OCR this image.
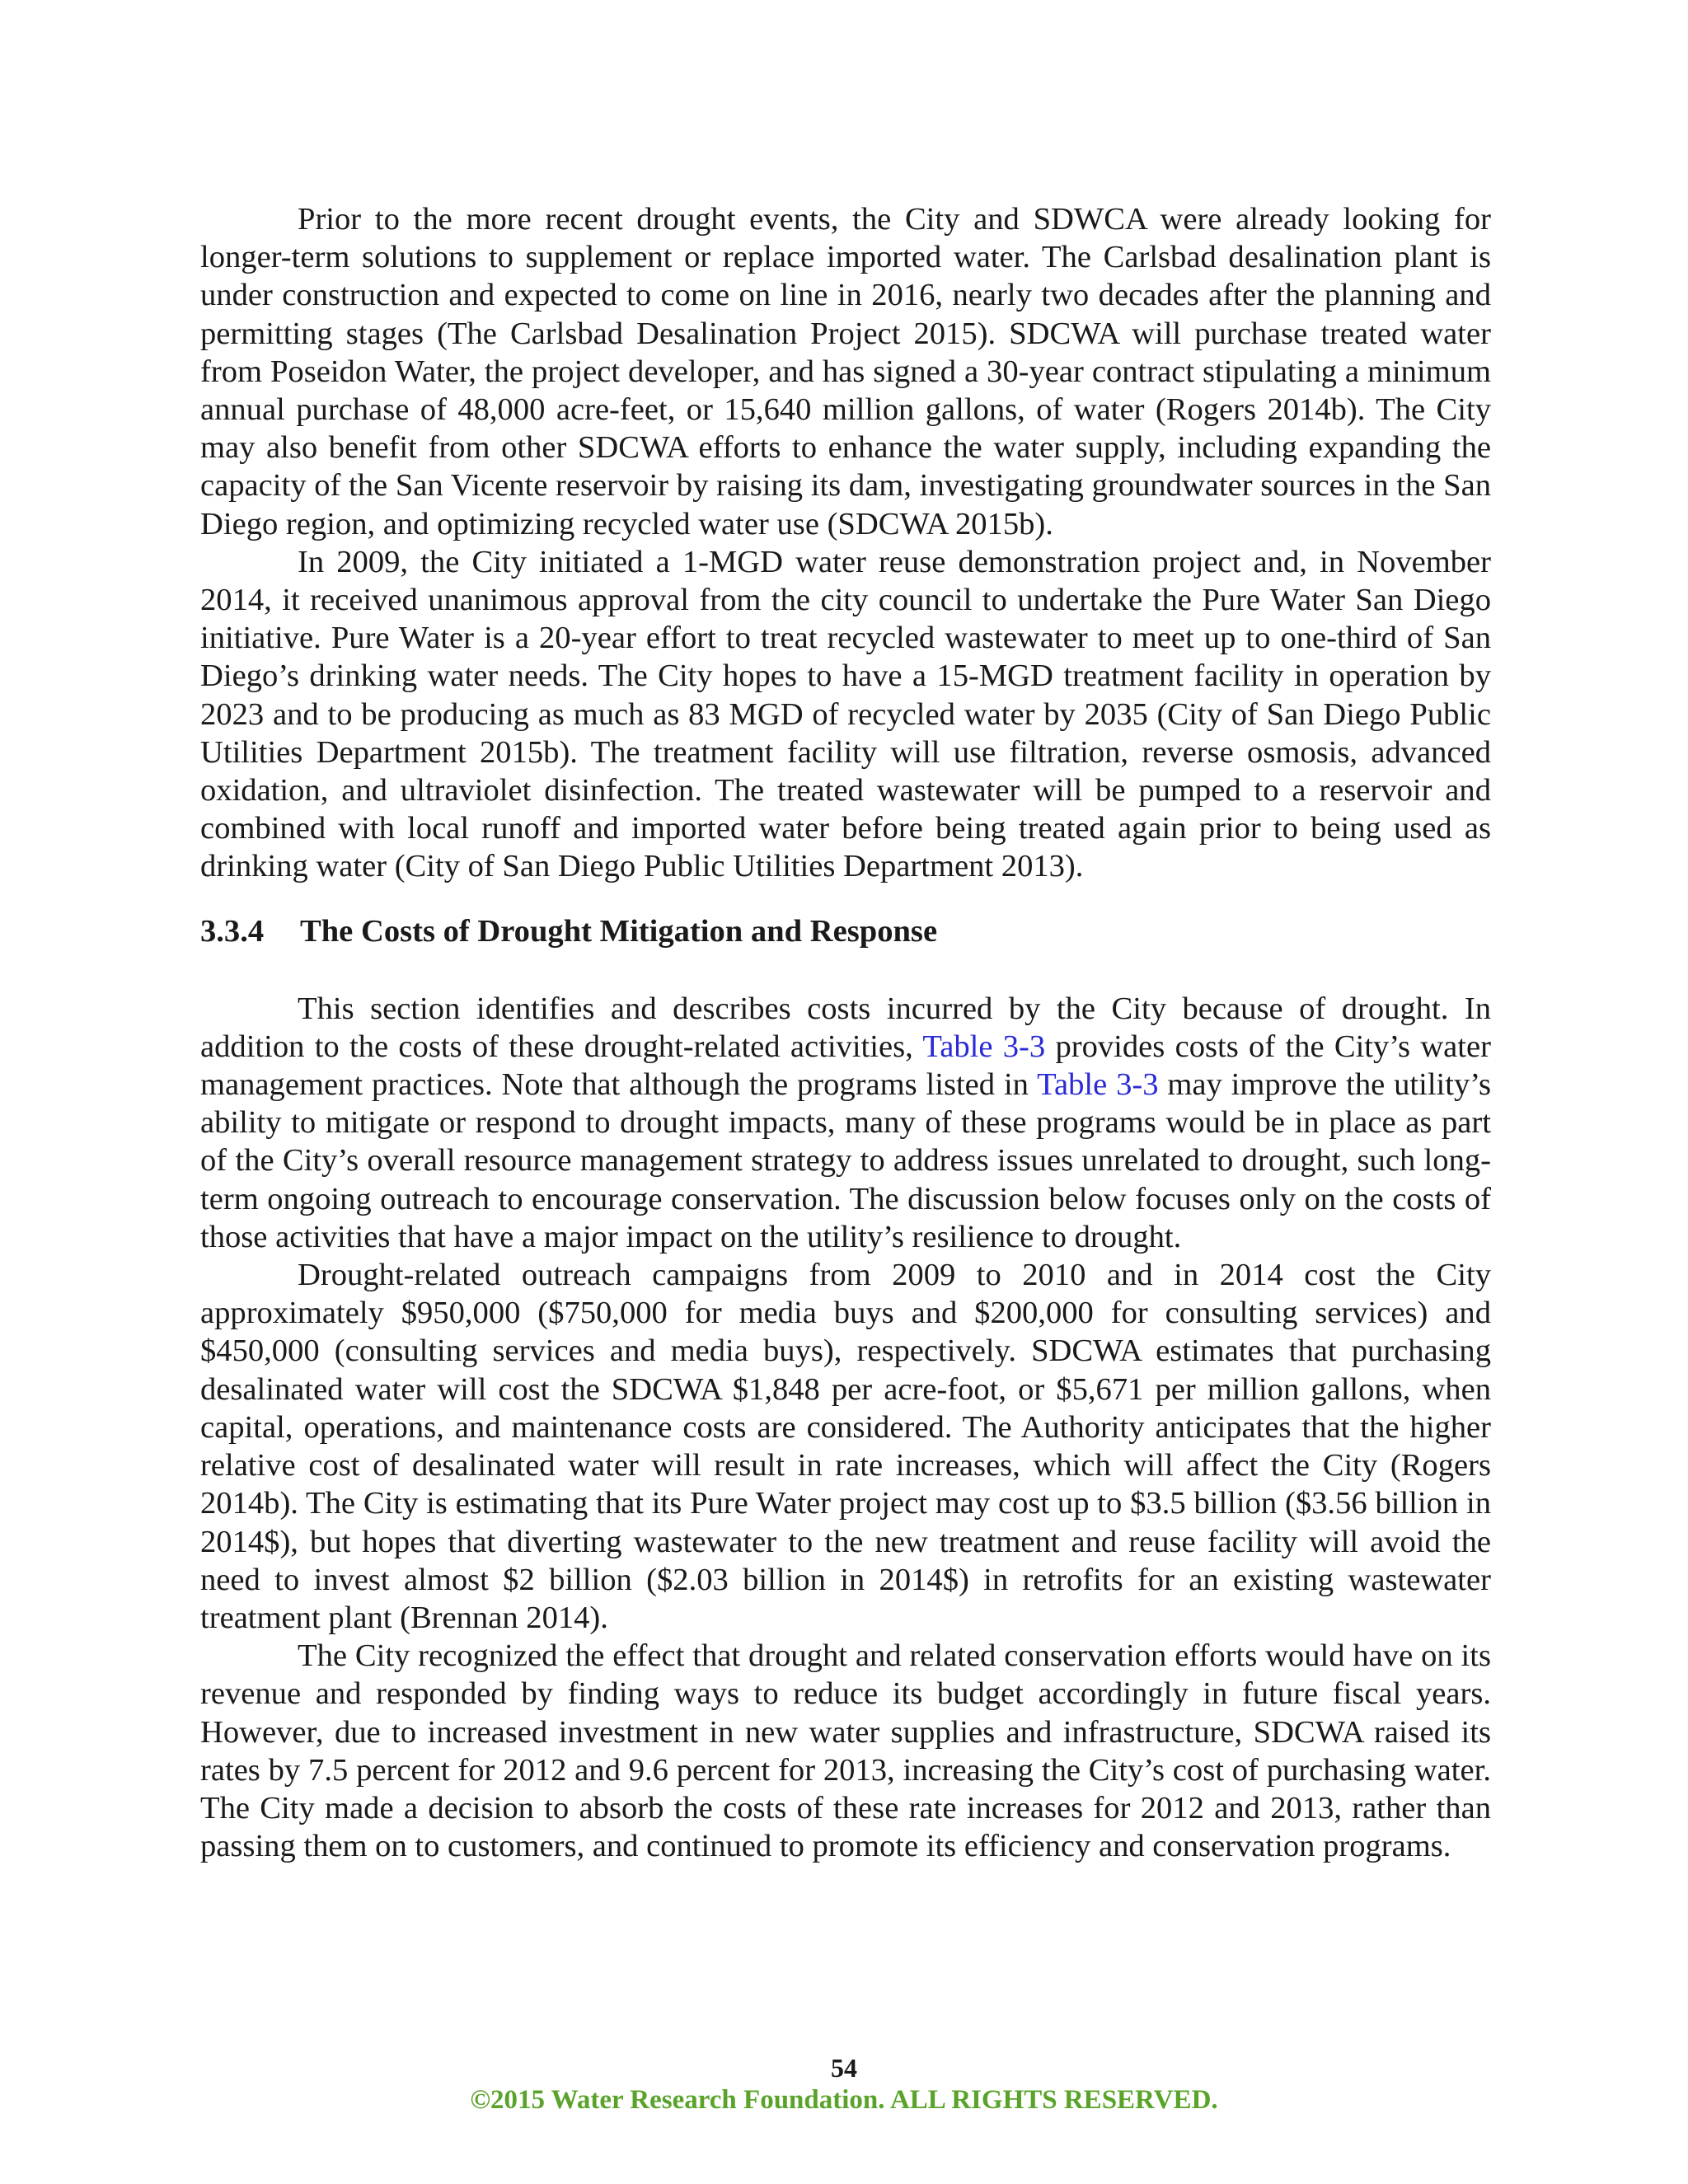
Prior to the more recent drought events, the City and SDWCA were already looking for longer-term solutions to supplement or replace imported water. The Carlsbad desalination plant is under construction and expected to come on line in 2016, nearly two decades after the planning and permitting stages (The Carlsbad Desalination Project 2015). SDCWA will purchase treated water from Poseidon Water, the project developer, and has signed a 30-year contract stipulating a minimum annual purchase of 48,000 acre-feet, or 15,640 million gallons, of water (Rogers 2014b). The City may also benefit from other SDCWA efforts to enhance the water supply, including expanding the capacity of the San Vicente reservoir by raising its dam, investigating groundwater sources in the San Diego region, and optimizing recycled water use (SDCWA 2015b).

In 2009, the City initiated a 1-MGD water reuse demonstration project and, in November 2014, it received unanimous approval from the city council to undertake the Pure Water San Diego initiative. Pure Water is a 20-year effort to treat recycled wastewater to meet up to one-third of San Diego’s drinking water needs. The City hopes to have a 15-MGD treatment facility in operation by 2023 and to be producing as much as 83 MGD of recycled water by 2035 (City of San Diego Public Utilities Department 2015b). The treatment facility will use filtration, reverse osmosis, advanced oxidation, and ultraviolet disinfection. The treated wastewater will be pumped to a reservoir and combined with local runoff and imported water before being treated again prior to being used as drinking water (City of San Diego Public Utilities Department 2013).

3.3.4 The Costs of Drought Mitigation and Response

This section identifies and describes costs incurred by the City because of drought. In addition to the costs of these drought-related activities, Table 3-3 provides costs of the City’s water management practices. Note that although the programs listed in Table 3-3 may improve the utility’s ability to mitigate or respond to drought impacts, many of these programs would be in place as part of the City’s overall resource management strategy to address issues unrelated to drought, such long-term ongoing outreach to encourage conservation. The discussion below focuses only on the costs of those activities that have a major impact on the utility’s resilience to drought.

Drought-related outreach campaigns from 2009 to 2010 and in 2014 cost the City approximately $950,000 ($750,000 for media buys and $200,000 for consulting services) and $450,000 (consulting services and media buys), respectively. SDCWA estimates that purchasing desalinated water will cost the SDCWA $1,848 per acre-foot, or $5,671 per million gallons, when capital, operations, and maintenance costs are considered. The Authority anticipates that the higher relative cost of desalinated water will result in rate increases, which will affect the City (Rogers 2014b). The City is estimating that its Pure Water project may cost up to $3.5 billion ($3.56 billion in 2014$), but hopes that diverting wastewater to the new treatment and reuse facility will avoid the need to invest almost $2 billion ($2.03 billion in 2014$) in retrofits for an existing wastewater treatment plant (Brennan 2014).

The City recognized the effect that drought and related conservation efforts would have on its revenue and responded by finding ways to reduce its budget accordingly in future fiscal years. However, due to increased investment in new water supplies and infrastructure, SDCWA raised its rates by 7.5 percent for 2012 and 9.6 percent for 2013, increasing the City’s cost of purchasing water. The City made a decision to absorb the costs of these rate increases for 2012 and 2013, rather than passing them on to customers, and continued to promote its efficiency and conservation programs.

54
©2015 Water Research Foundation. ALL RIGHTS RESERVED.
